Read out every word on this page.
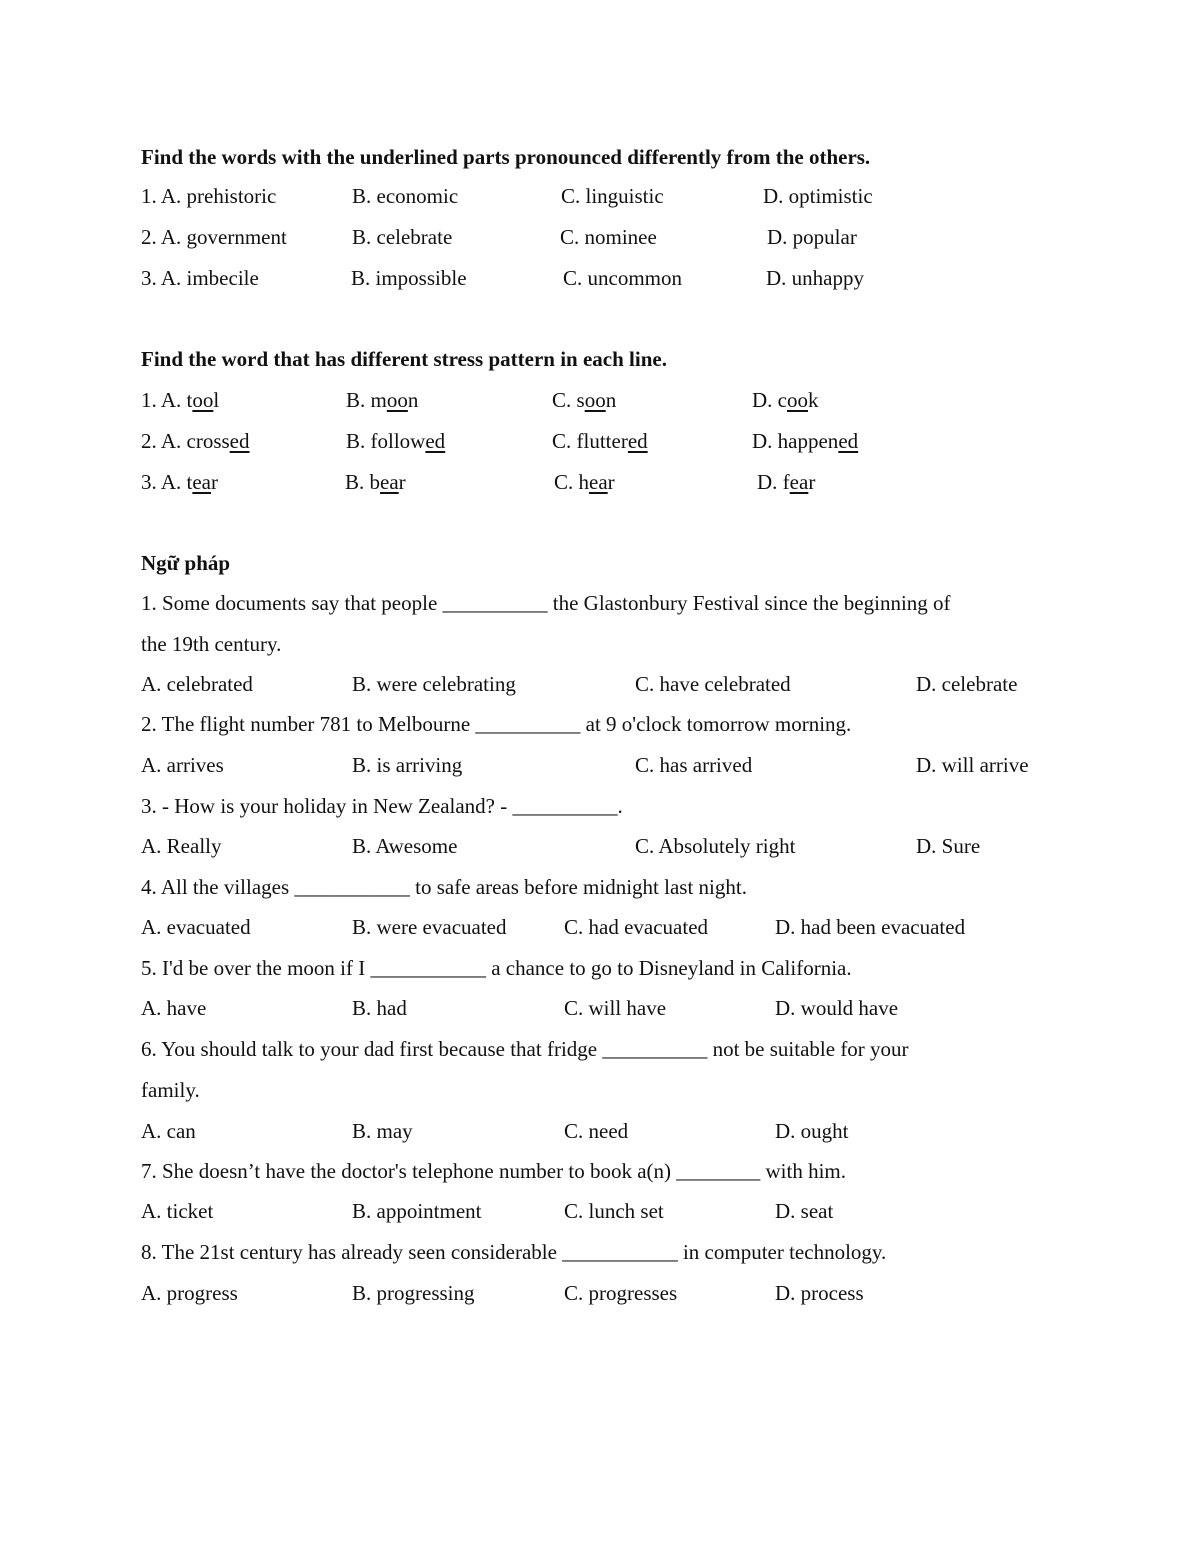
Find the words with the underlined parts pronounced differently from the others.
1. A. prehistoric	B. economic	C. linguistic	D. optimistic
2. A. government	B. celebrate	C. nominee	D. popular
3. A. imbecile	B. impossible	C. uncommon	D. unhappy
Find the word that has different stress pattern in each line.
1. A. tool	B. moon	C. soon	D. cook
2. A. crossed	B. followed	C. fluttered	D. happened
3. A. tear	B. bear	C. hear	D. fear
Ngữ pháp
1. Some documents say that people __________ the Glastonbury Festival since the beginning of
the 19th century.
A. celebrated	B. were celebrating	C. have celebrated	D. celebrate
2. The flight number 781 to Melbourne __________ at 9 o'clock tomorrow morning.
A. arrives	B. is arriving	C. has arrived	D. will arrive
3. - How is your holiday in New Zealand? - __________.
A. Really	B. Awesome	C. Absolutely right	D. Sure
4. All the villages ___________ to safe areas before midnight last night.
A. evacuated	B. were evacuated	C. had evacuated	D. had been evacuated
5. I'd be over the moon if I ___________ a chance to go to Disneyland in California.
A. have	B. had	C. will have	D. would have
6. You should talk to your dad first because that fridge __________ not be suitable for your
family.
A. can	B. may	C. need	D. ought
7. She doesn’t have the doctor's telephone number to book a(n) ________ with him.
A. ticket	B. appointment	C. lunch set	D. seat
8. The 21st century has already seen considerable ___________ in computer technology.
A. progress	B. progressing	C. progresses	D. process
